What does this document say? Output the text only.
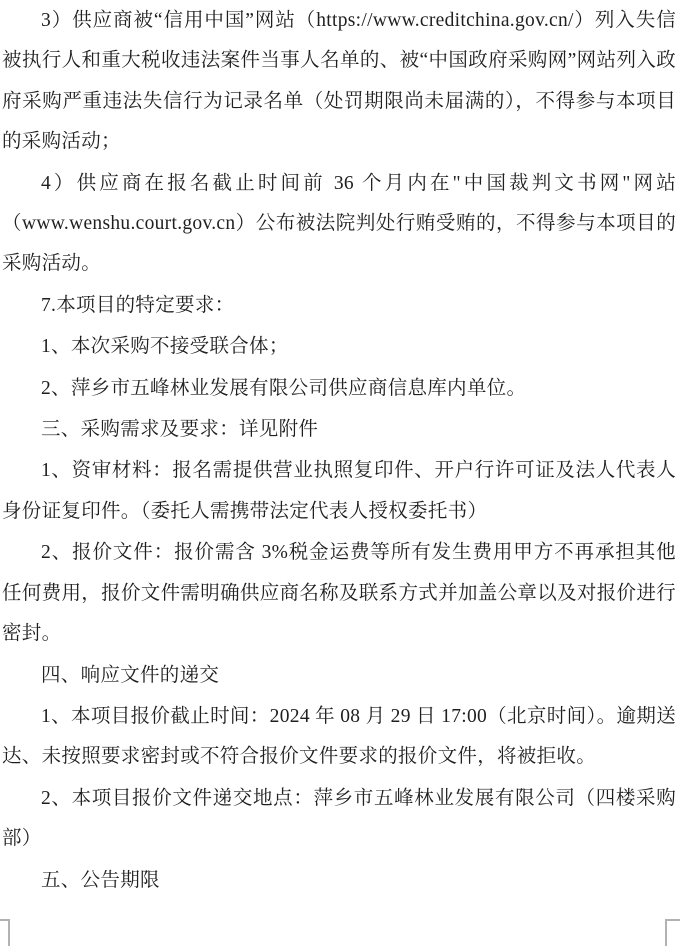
3）供应商被“信用中国”网站（https://www.creditchina.gov.cn/）列入失信被执行人和重大税收违法案件当事人名单的、被“中国政府采购网”网站列入政府采购严重违法失信行为记录名单（处罚期限尚未届满的），不得参与本项目的采购活动；

4）供应商在报名截止时间前 36 个月内在"中国裁判文书网"网站（www.wenshu.court.gov.cn）公布被法院判处行贿受贿的，不得参与本项目的采购活动。

7.本项目的特定要求：

1、本次采购不接受联合体；

2、萍乡市五峰林业发展有限公司供应商信息库内单位。

三、采购需求及要求：详见附件

1、资审材料：报名需提供营业执照复印件、开户行许可证及法人代表人身份证复印件。（委托人需携带法定代表人授权委托书）

2、报价文件：报价需含 3%税金运费等所有发生费用甲方不再承担其他任何费用，报价文件需明确供应商名称及联系方式并加盖公章以及对报价进行密封。

四、响应文件的递交

1、本项目报价截止时间：2024 年 08 月 29 日 17:00（北京时间）。逾期送达、未按照要求密封或不符合报价文件要求的报价文件，将被拒收。

2、本项目报价文件递交地点：萍乡市五峰林业发展有限公司（四楼采购部）

五、公告期限
